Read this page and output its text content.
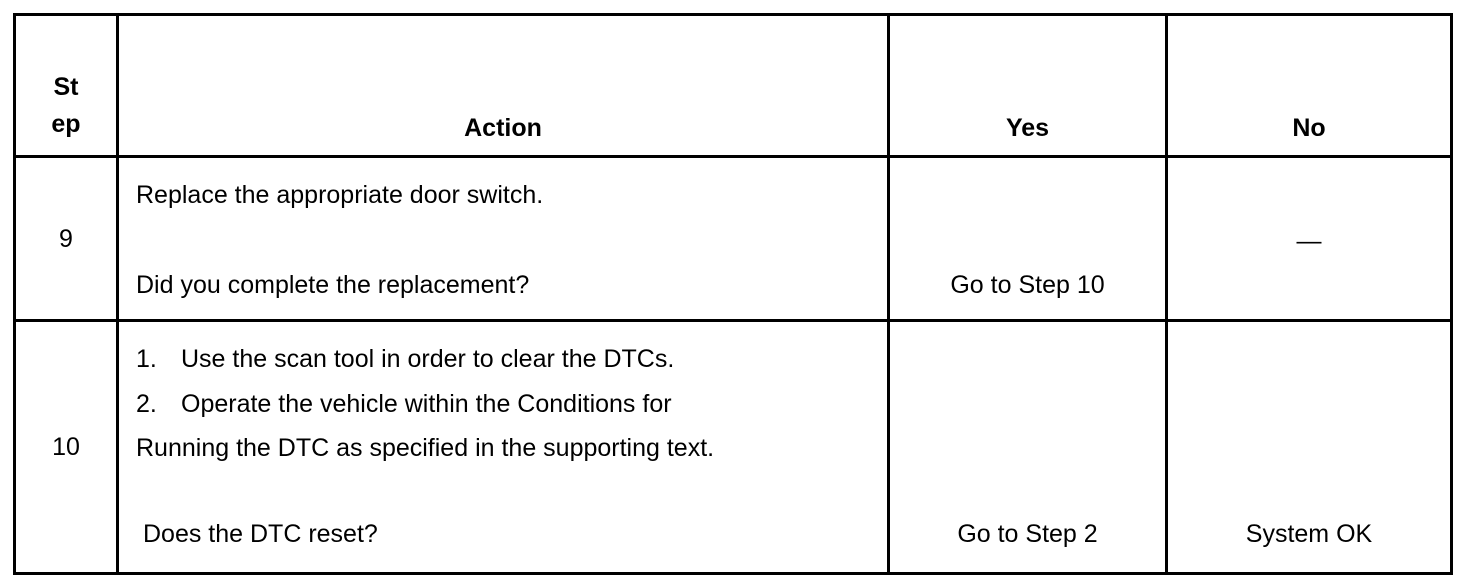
St
ep	Action	Yes	No
9	Replace the appropriate door switch.
Did you complete the replacement?	Go to Step 10	—

10	1. Use the scan tool in order to clear the DTCs.
2. Operate the vehicle within the Conditions for
Running the DTC as specified in the supporting text.
Does the DTC reset?	Go to Step 2	System OK
